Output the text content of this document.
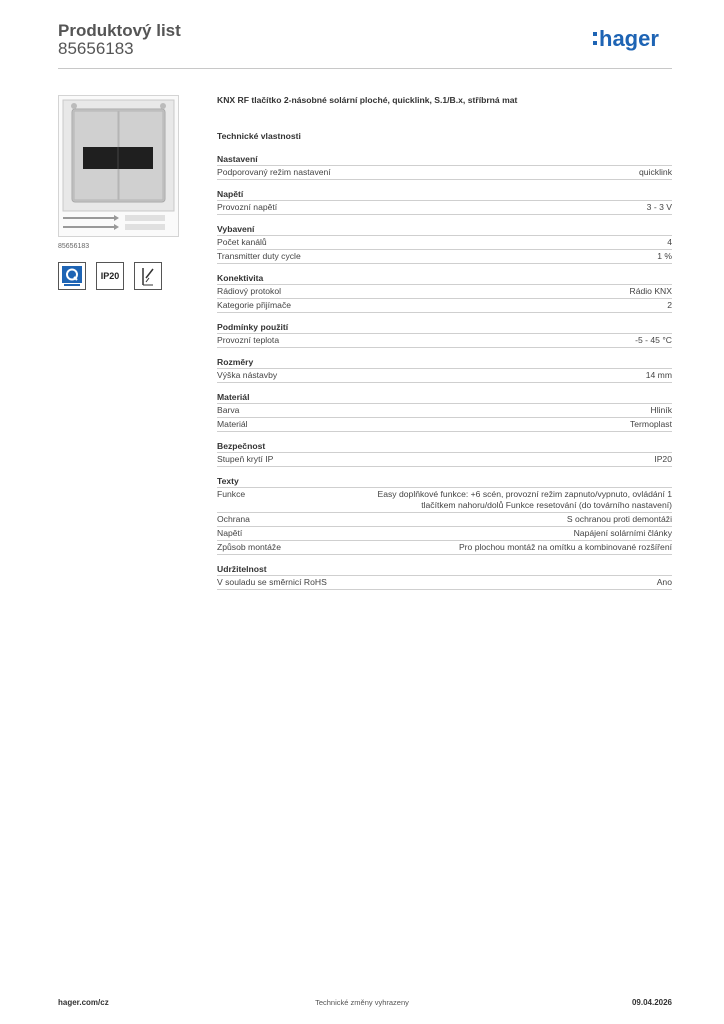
Produktový list
85656183	hager
85656183
IP20
KNX RF tlačítko 2-násobné solární ploché, quicklink, S.1/B.x, stříbrná mat
Technické vlastnosti
Nastavení
Podporovaný režim nastavení	quicklink
Napětí
Provozní napětí	3 - 3 V
Vybavení
Počet kanálů	4
Transmitter duty cycle	1 %
Konektivita
Rádiový protokol	Rádio KNX
Kategorie přijímače	2
Podmínky použití
Provozní teplota	-5 - 45 °C
Rozměry
Výška nástavby	14 mm
Materiál
Barva	Hliník
Materiál	Termoplast
Bezpečnost
Stupeň krytí IP	IP20
Texty
Funkce	Easy doplňkové funkce: +6 scén, provozní režim zapnuto/vypnuto, ovládání 1 tlačítkem nahoru/dolů Funkce resetování (do továrního nastavení)
Ochrana	S ochranou proti demontáži
Napětí	Napájení solárními články
Způsob montáže	Pro plochou montáž na omítku a kombinované rozšíření
Udržitelnost
V souladu se směrnicí RoHS	Ano
hager.com/cz	Technické změny vyhrazeny	09.04.2026
